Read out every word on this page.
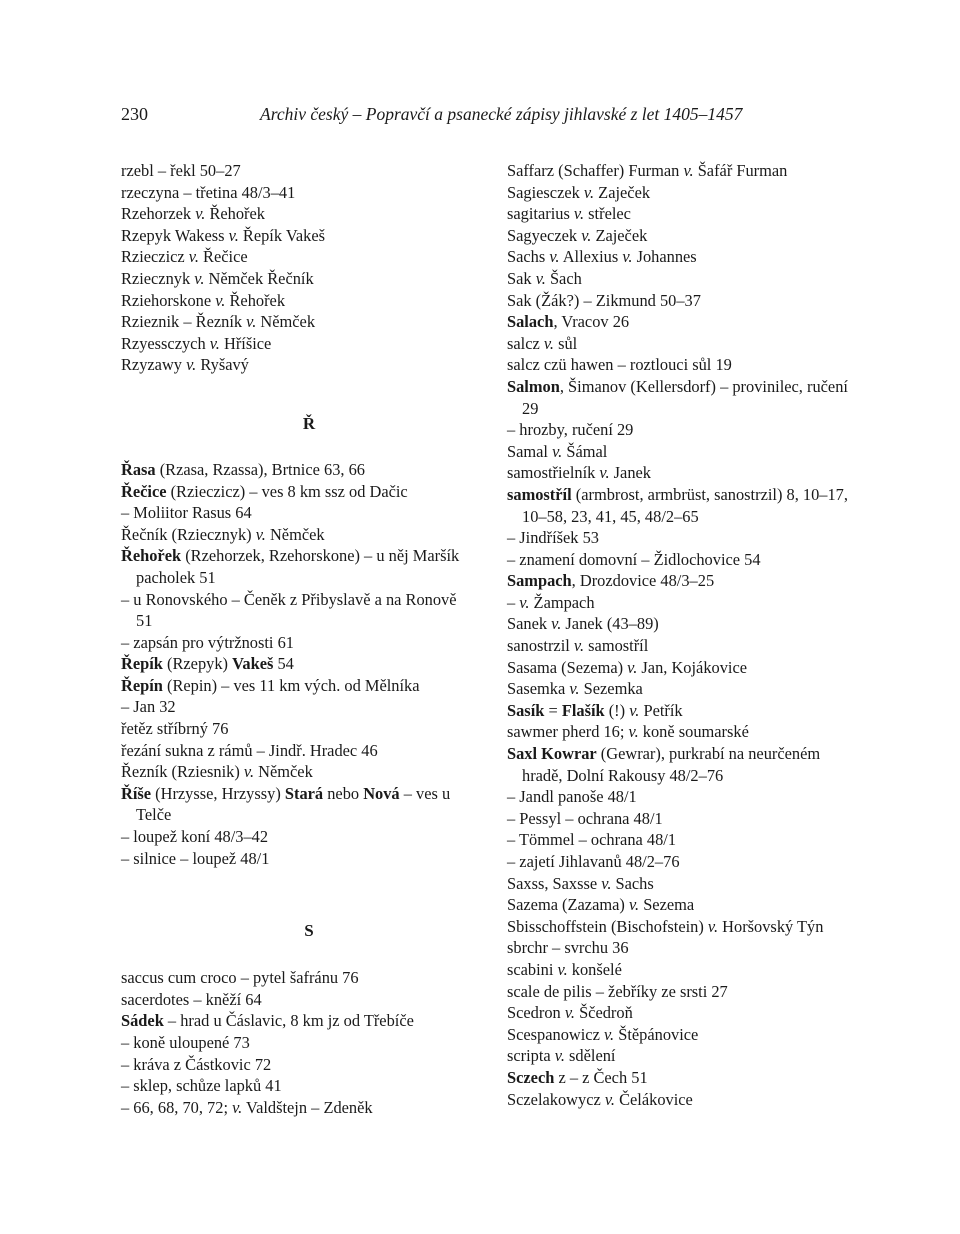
230	Archiv český – Popravčí a psanecké zápisy jihlavské z let 1405–1457
rzebl – řekl 50–27
rzeczyna – třetina 48/3–41
Rzehorzek v. Řehořek
Rzepyk Wakess v. Řepík Vakeš
Rzieczicz v. Řečice
Rziecznyk v. Němček Řečník
Rziehorskone v. Řehořek
Rzieznik – Řezník v. Němček
Rzyessczych v. Hříšice
Rzyzawy v. Ryšavý
Ř
Řasa (Rzasa, Rzassa), Brtnice 63, 66
Řečice (Rzieczicz) – ves 8 km ssz od Dačic
– Moliitor Rasus 64
Řečník (Rziecznyk) v. Němček
Řehořek (Rzehorzek, Rzehorskone) – u něj Maršík pacholek 51
– u Ronovského – Čeněk z Přibyslavě a na Ronově 51
– zapsán pro výtržnosti 61
Řepík (Rzepyk) Vakeš 54
Řepín (Repin) – ves 11 km vých. od Mělníka
– Jan 32
řetěz stříbrný 76
řezání sukna z rámů – Jindř. Hradec 46
Řezník (Rziesnik) v. Němček
Říše (Hrzysse, Hrzyssy) Stará nebo Nová – ves u Telče
– loupež koní 48/3–42
– silnice – loupež 48/1
S
saccus cum croco – pytel šafránu 76
sacerdotes – kněží 64
Sádek – hrad u Čáslavic, 8 km jz od Třebíče
– koně uloupené 73
– kráva z Částkovic 72
– sklep, schůze lapků 41
– 66, 68, 70, 72; v. Valdštejn – Zdeněk
Saffarz (Schaffer) Furman v. Šafář Furman
Sagiesczek v. Zaječek
sagitarius v. střelec
Sagyeczek v. Zaječek
Sachs v. Allexius v. Johannes
Sak v. Šach
Sak (Žák?) – Zikmund 50–37
Salach, Vracov 26
salcz v. sůl
salcz czü hawen – roztlouci sůl 19
Salmon, Šimanov (Kellersdorf) – provinilec, ručení 29
– hrozby, ručení 29
Samal v. Šámal
samostřielník v. Janek
samostříl (armbrost, armbrüst, sanostrzil) 8, 10–17, 10–58, 23, 41, 45, 48/2–65
– Jindříšek 53
– znamení domovní – Židlochovice 54
Sampach, Drozdovice 48/3–25
– v. Žampach
Sanek v. Janek (43–89)
sanostrzil v. samostříl
Sasama (Sezema) v. Jan, Kojákovice
Sasemka v. Sezemka
Sasík = Flašík (!) v. Petřík
sawmer pherd 16; v. koně soumarské
Saxl Kowrar (Gewrar), purkrabí na neurčeném hradě, Dolní Rakousy 48/2–76
– Jandl panoše 48/1
– Pessyl – ochrana 48/1
– Tömmel – ochrana 48/1
– zajetí Jihlavanů 48/2–76
Saxss, Saxsse v. Sachs
Sazema (Zazama) v. Sezema
Sbisschoffstein (Bischofstein) v. Horšovský Týn
sbrchr – svrchu 36
scabini v. konšelé
scale de pilis – žebříky ze srsti 27
Scedron v. Ščedroň
Scespanowicz v. Štěpánovice
scripta v. sdělení
Sczech z – z Čech 51
Sczelakowycz v. Čelákovice
